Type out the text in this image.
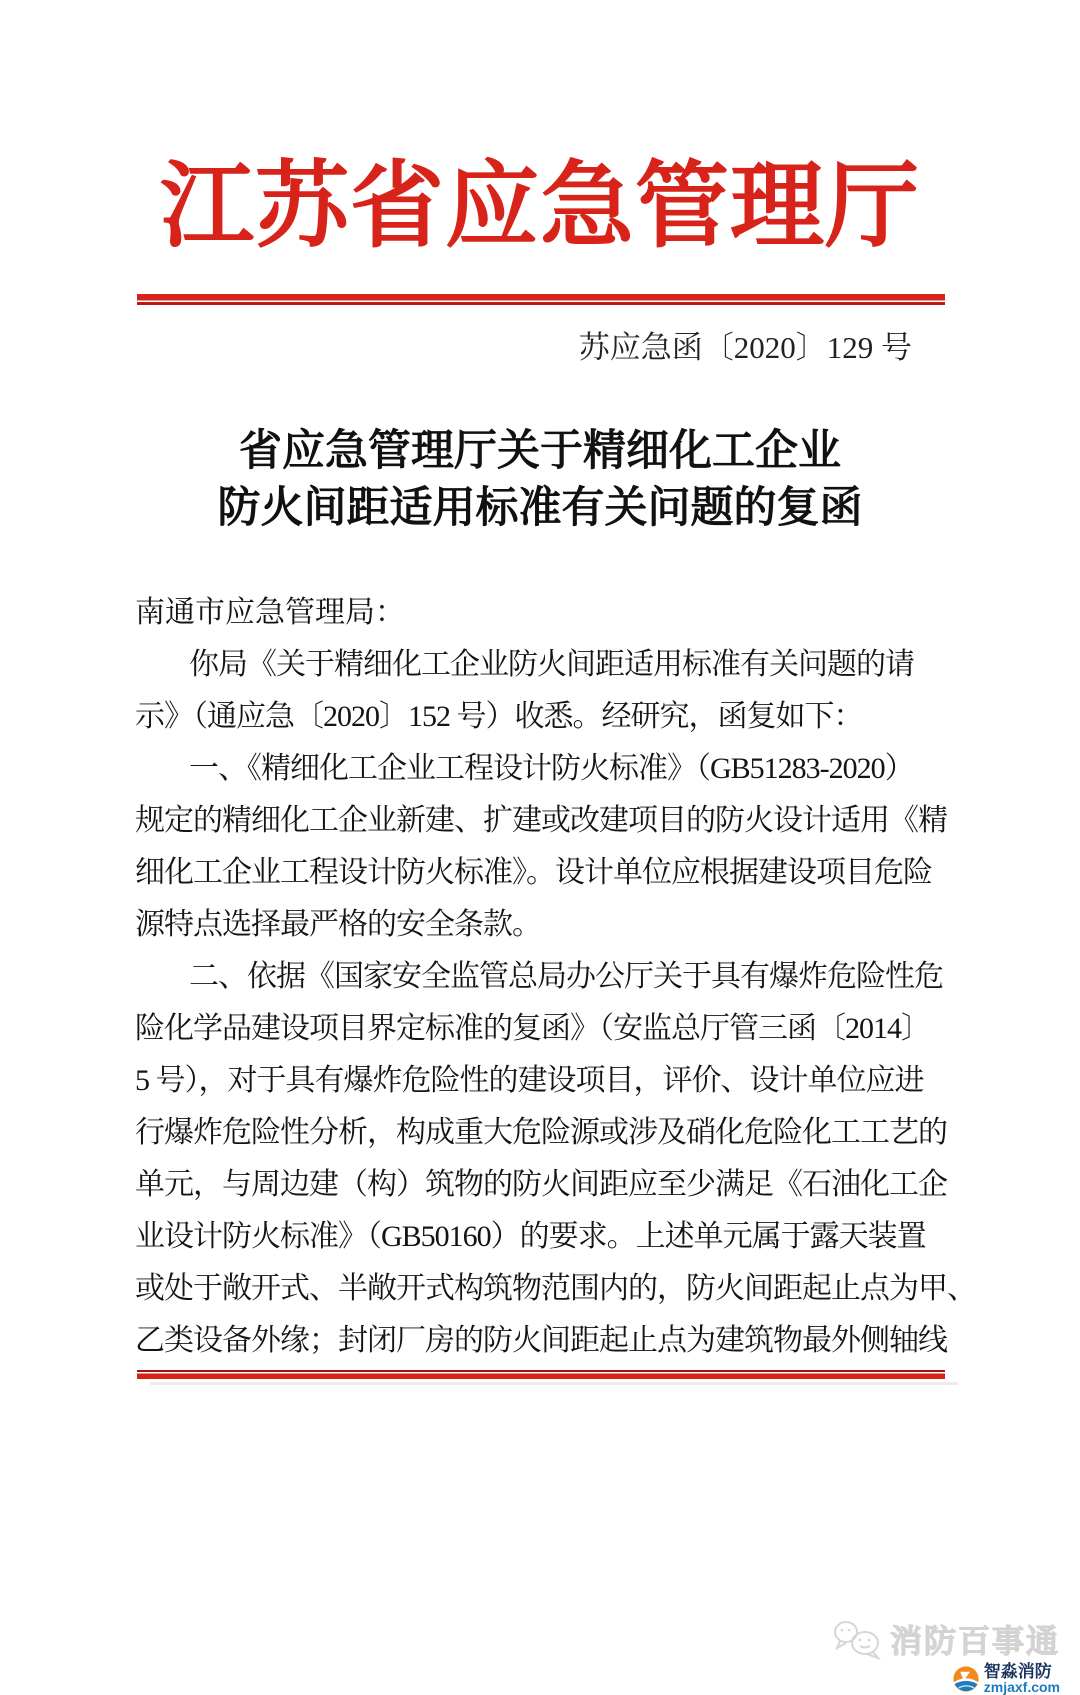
江苏省应急管理厅
苏应急函〔2020〕129 号
省应急管理厅关于精细化工企业
防火间距适用标准有关问题的复函
南通市应急管理局：
你局《关于精细化工企业防火间距适用标准有关问题的请
示》（通应急〔2020〕152 号）收悉。经研究，函复如下：
一、《精细化工企业工程设计防火标准》（GB51283-2020）
规定的精细化工企业新建、扩建或改建项目的防火设计适用《精
细化工企业工程设计防火标准》。设计单位应根据建设项目危险
源特点选择最严格的安全条款。
二、依据《国家安全监管总局办公厅关于具有爆炸危险性危
险化学品建设项目界定标准的复函》（安监总厅管三函〔2014〕
5 号），对于具有爆炸危险性的建设项目，评价、设计单位应进
行爆炸危险性分析，构成重大危险源或涉及硝化危险化工工艺的
单元，与周边建（构）筑物的防火间距应至少满足《石油化工企
业设计防火标准》（GB50160）的要求。上述单元属于露天装置
或处于敞开式、半敞开式构筑物范围内的，防火间距起止点为甲、
乙类设备外缘；封闭厂房的防火间距起止点为建筑物最外侧轴线
消防百事通
智淼消防
zmjaxf.com
